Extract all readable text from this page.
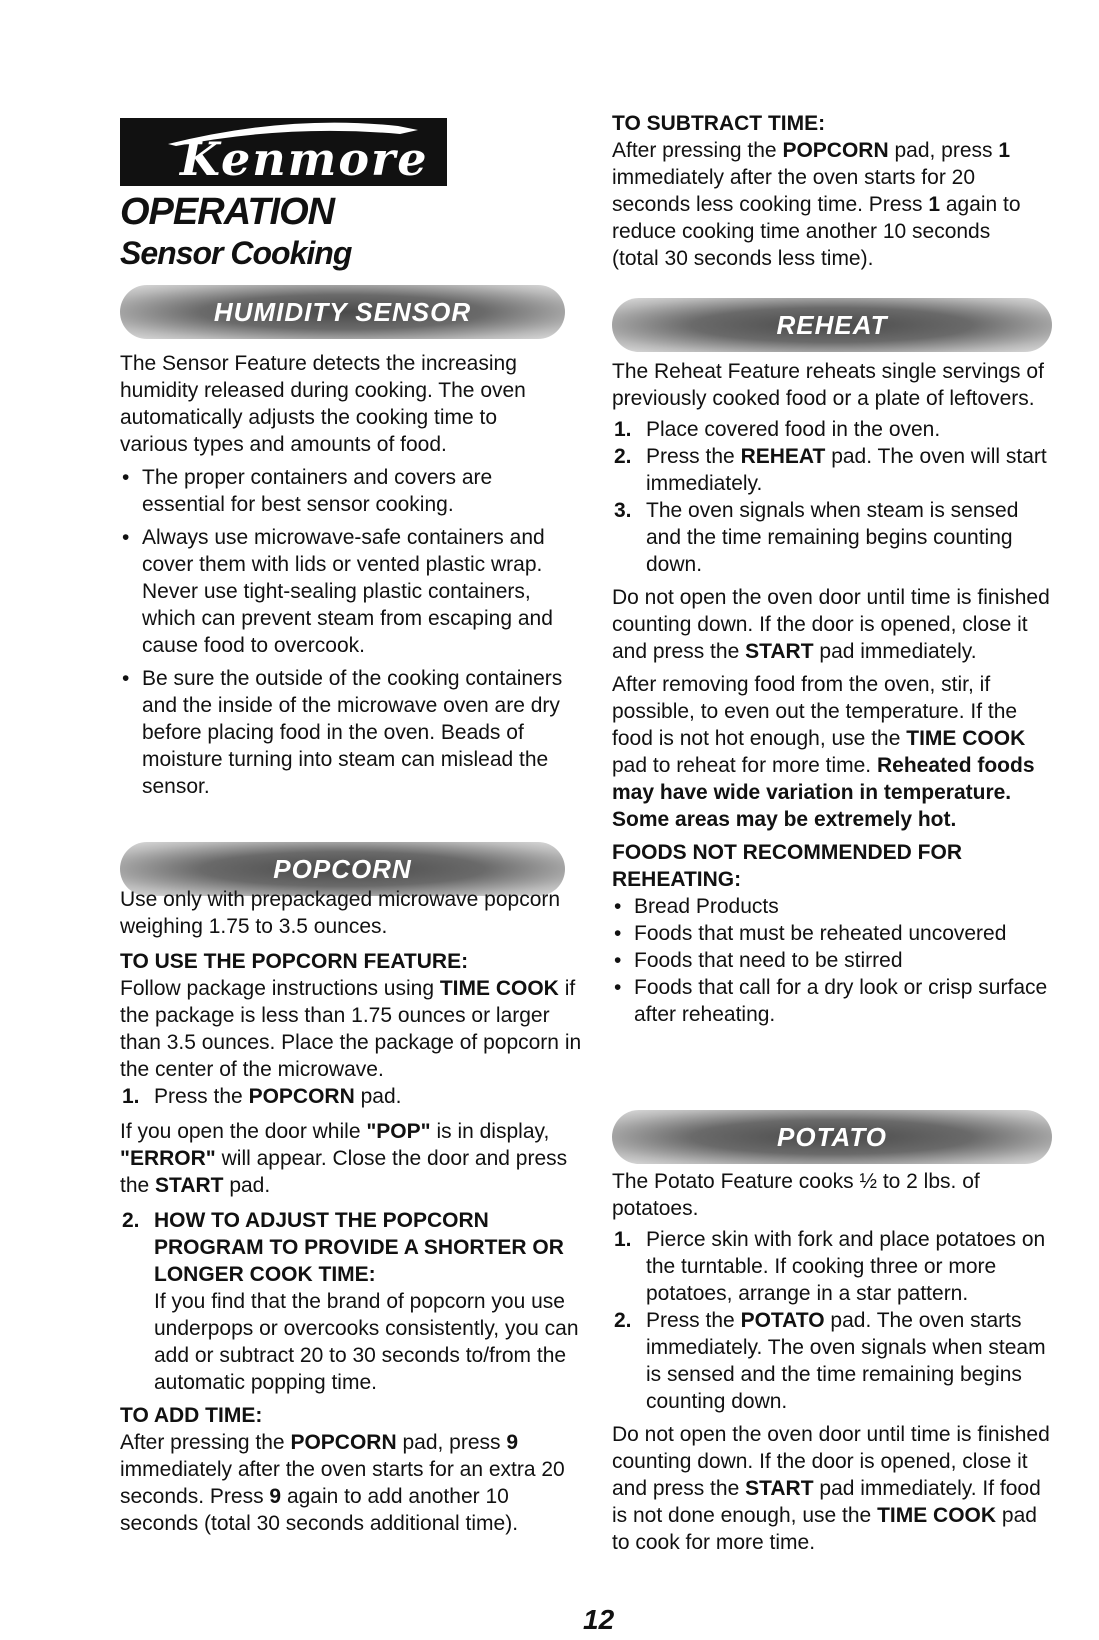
Kenmore
OPERATION
Sensor Cooking
HUMIDITY SENSOR

The Sensor Feature detects the increasing humidity released during cooking. The oven automatically adjusts the cooking time to various types and amounts of food.

• The proper containers and covers are essential for best sensor cooking.
• Always use microwave-safe containers and cover them with lids or vented plastic wrap. Never use tight-sealing plastic containers, which can prevent steam from escaping and cause food to overcook.
• Be sure the outside of the cooking containers and the inside of the microwave oven are dry before placing food in the oven. Beads of moisture turning into steam can mislead the sensor.
POPCORN

Use only with prepackaged microwave popcorn weighing 1.75 to 3.5 ounces.

TO USE THE POPCORN FEATURE:

Follow package instructions using TIME COOK if the package is less than 1.75 ounces or larger than 3.5 ounces. Place the package of popcorn in the center of the microwave.

1. Press the POPCORN pad.

If you open the door while "POP" is in display, "ERROR" will appear. Close the door and press the START pad.

2. HOW TO ADJUST THE POPCORN PROGRAM TO PROVIDE A SHORTER OR LONGER COOK TIME:

If you find that the brand of popcorn you use underpops or overcooks consistently, you can add or subtract 20 to 30 seconds to/from the automatic popping time.

TO ADD TIME:

After pressing the POPCORN pad, press 9 immediately after the oven starts for an extra 20 seconds. Press 9 again to add another 10 seconds (total 30 seconds additional time).

TO SUBTRACT TIME:

After pressing the POPCORN pad, press 1 immediately after the oven starts for 20 seconds less cooking time. Press 1 again to reduce cooking time another 10 seconds (total 30 seconds less time).

REHEAT

The Reheat Feature reheats single servings of previously cooked food or a plate of leftovers.

1. Place covered food in the oven.
2. Press the REHEAT pad. The oven will start immediately.
3. The oven signals when steam is sensed and the time remaining begins counting down.

Do not open the oven door until time is finished counting down. If the door is opened, close it and press the START pad immediately.

After removing food from the oven, stir, if possible, to even out the temperature. If the food is not hot enough, use the TIME COOK pad to reheat for more time. Reheated foods may have wide variation in temperature. Some areas may be extremely hot.

FOODS NOT RECOMMENDED FOR REHEATING:

• Bread Products
• Foods that must be reheated uncovered
• Foods that need to be stirred
• Foods that call for a dry look or crisp surface after reheating.
POTATO

The Potato Feature cooks ½ to 2 lbs. of potatoes.

1. Pierce skin with fork and place potatoes on the turntable. If cooking three or more potatoes, arrange in a star pattern.
2. Press the POTATO pad. The oven starts immediately. The oven signals when steam is sensed and the time remaining begins counting down.

Do not open the oven door until time is finished counting down. If the door is opened, close it and press the START pad immediately. If food is not done enough, use the TIME COOK pad to cook for more time.

12
